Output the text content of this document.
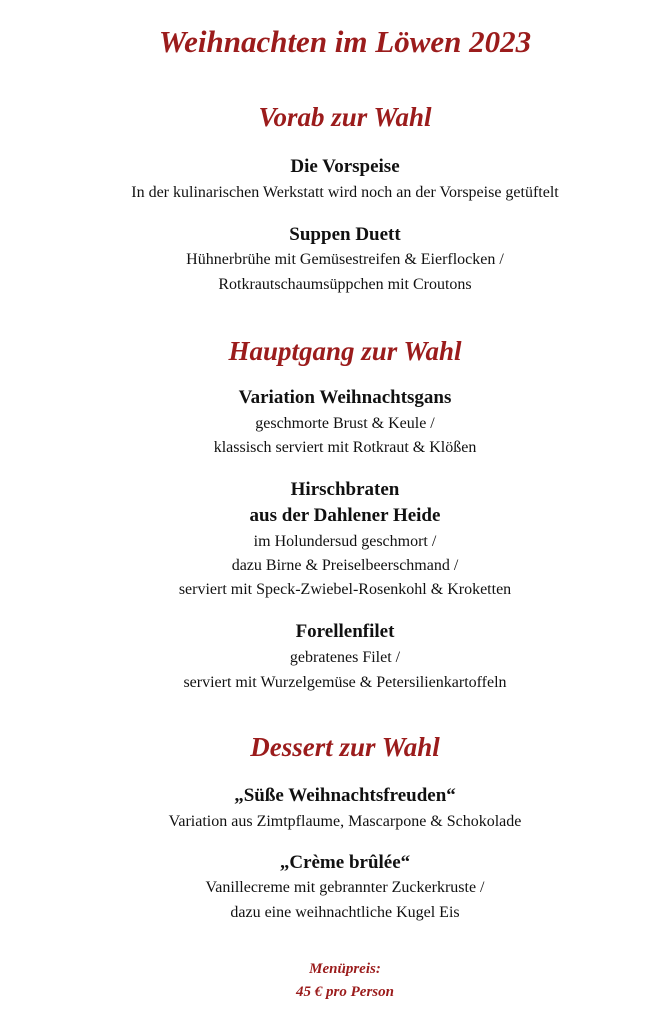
Weihnachten im Löwen 2023
Vorab zur Wahl
Die Vorspeise
In der kulinarischen Werkstatt wird noch an der Vorspeise getüftelt
Suppen Duett
Hühnerbrühe mit Gemüsestreifen & Eierflocken /
Rotkrautschaumsüppchen mit Croutons
Hauptgang zur Wahl
Variation Weihnachtsgans
geschmorte Brust & Keule /
klassisch serviert mit Rotkraut & Klößen
Hirschbraten
aus der Dahlener Heide
im Holundersud geschmort /
dazu Birne & Preiselbeerschmand /
serviert mit Speck-Zwiebel-Rosenkohl & Kroketten
Forellenfilet
gebratenes Filet /
serviert mit Wurzelgemüse & Petersilienkartoffeln
Dessert zur Wahl
„Süße Weihnachtsfreuden“
Variation aus Zimtpflaume, Mascarpone & Schokolade
„Crème brûlée“
Vanillecreme mit gebrannter Zuckerkruste /
dazu eine weihnachtliche Kugel Eis
Menüpreis:
45 € pro Person
